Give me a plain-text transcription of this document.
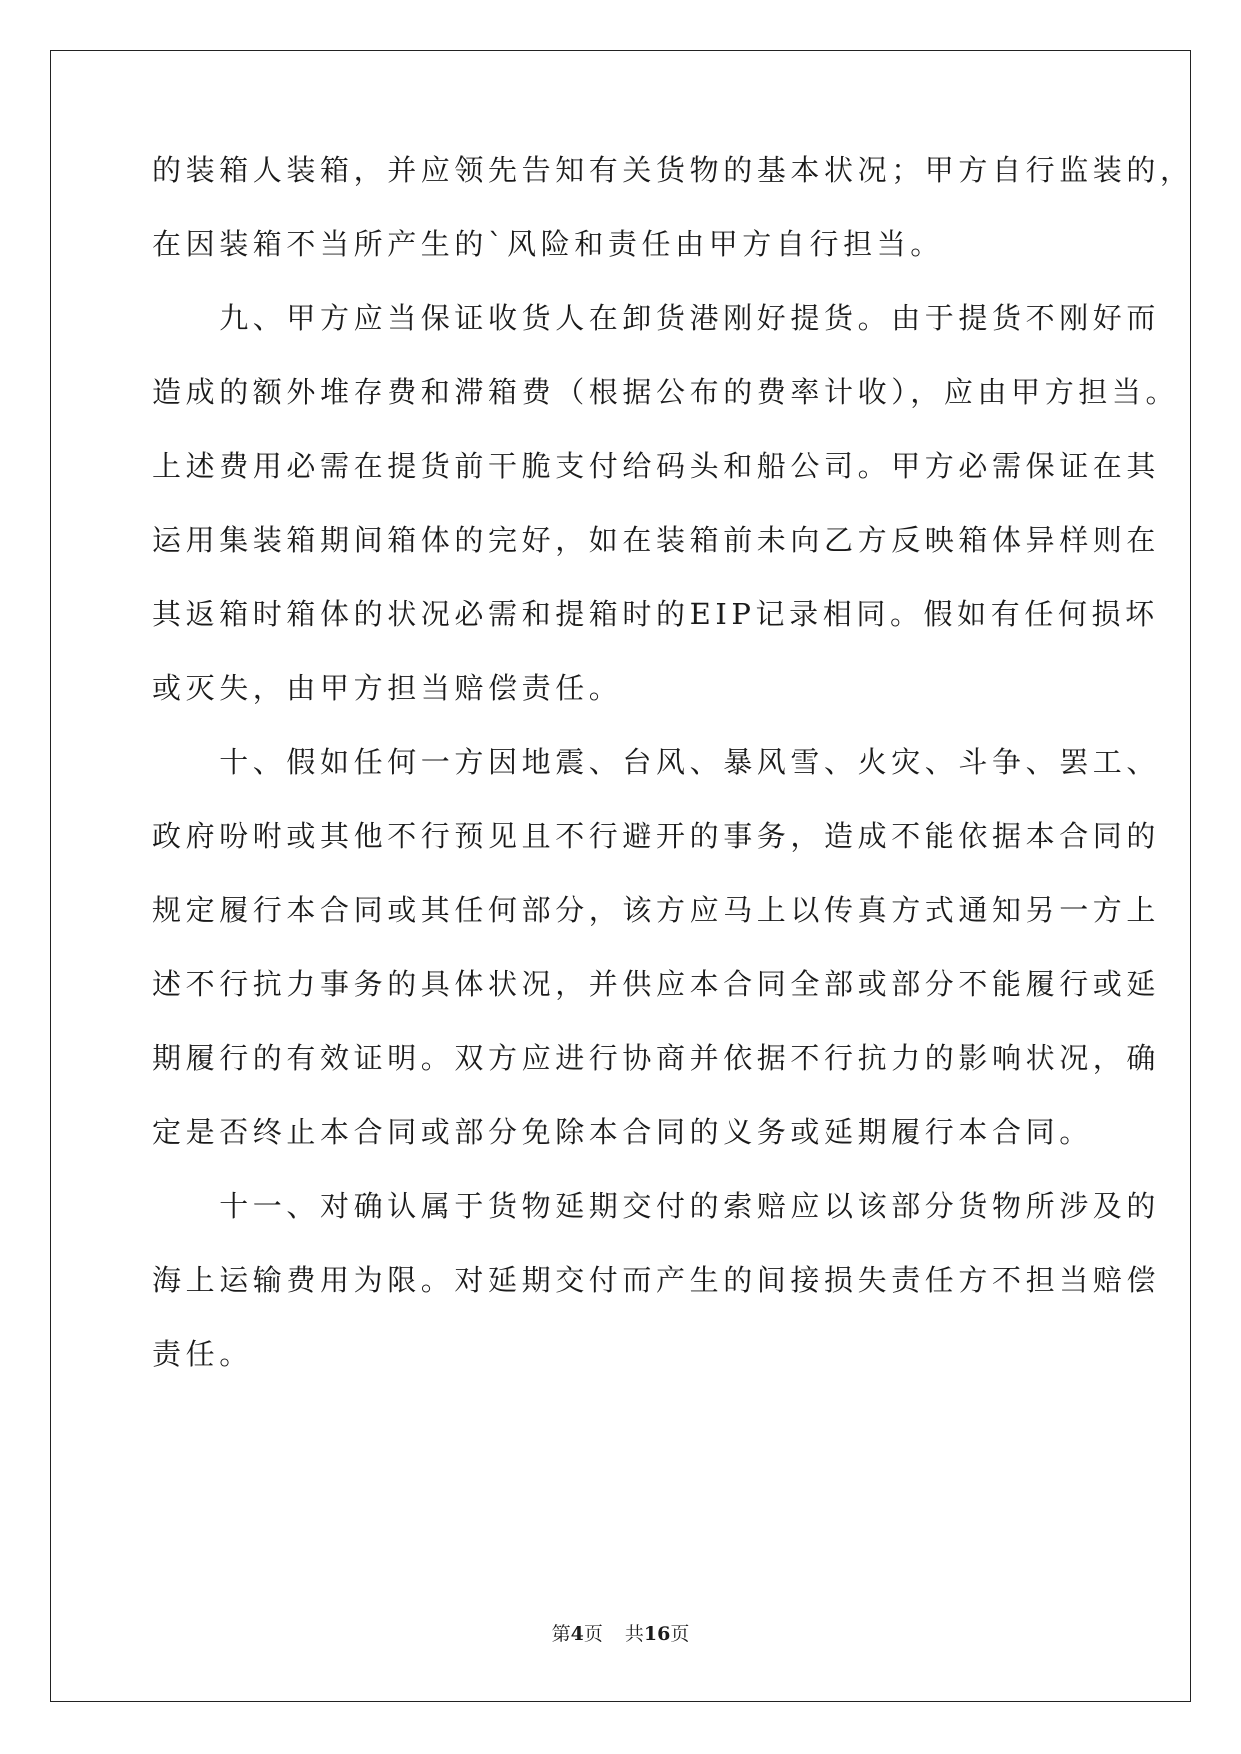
的装箱人装箱，并应领先告知有关货物的基本状况；甲方自行监装的，
在因装箱不当所产生的`风险和责任由甲方自行担当。
　　九、甲方应当保证收货人在卸货港刚好提货。由于提货不刚好而
造成的额外堆存费和滞箱费（根据公布的费率计收），应由甲方担当。
上述费用必需在提货前干脆支付给码头和船公司。甲方必需保证在其
运用集装箱期间箱体的完好，如在装箱前未向乙方反映箱体异样则在
其返箱时箱体的状况必需和提箱时的EIP记录相同。假如有任何损坏
或灭失，由甲方担当赔偿责任。
　　十、假如任何一方因地震、台风、暴风雪、火灾、斗争、罢工、
政府吩咐或其他不行预见且不行避开的事务，造成不能依据本合同的
规定履行本合同或其任何部分，该方应马上以传真方式通知另一方上
述不行抗力事务的具体状况，并供应本合同全部或部分不能履行或延
期履行的有效证明。双方应进行协商并依据不行抗力的影响状况，确
定是否终止本合同或部分免除本合同的义务或延期履行本合同。
　　十一、对确认属于货物延期交付的索赔应以该部分货物所涉及的
海上运输费用为限。对延期交付而产生的间接损失责任方不担当赔偿
责任。
第4页 共16页
